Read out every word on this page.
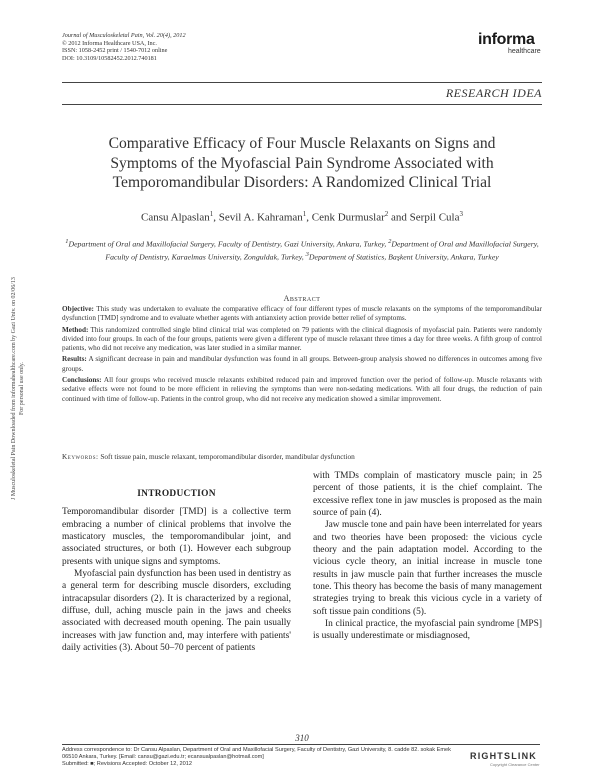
J Musculoskeletal Pain Downloaded from informahealthcare.com by Gazi Univ. on 02/06/13 For personal use only.
Journal of Musculoskeletal Pain, Vol. 20(4), 2012
© 2012 Informa Healthcare USA, Inc.
ISSN: 1058-2452 print / 1540-7012 online
DOI: 10.3109/10582452.2012.740181
informa
healthcare
RESEARCH IDEA
Comparative Efficacy of Four Muscle Relaxants on Signs and
Symptoms of the Myofascial Pain Syndrome Associated with
Temporomandibular Disorders: A Randomized Clinical Trial
Cansu Alpaslan$^1$, Sevil A. Kahraman$^1$, Cenk Durmuslar$^2$ and Serpil Cula$^3$
$^1$Department of Oral and Maxillofacial Surgery, Faculty of Dentistry, Gazi University, Ankara, Turkey, $^2$Department of Oral and Maxillofacial Surgery, Faculty of Dentistry, Karaelmas University, Zonguldak, Turkey, $^3$Department of Statistics, Başkent University, Ankara, Turkey
Abstract

Objective: This study was undertaken to evaluate the comparative efficacy of four different types of muscle relaxants on the symptoms of the temporomandibular dysfunction [TMD] syndrome and to evaluate whether agents with antianxiety action provide better relief of symptoms.

Method: This randomized controlled single blind clinical trial was completed on 79 patients with the clinical diagnosis of myofascial pain. Patients were randomly divided into four groups. In each of the four groups, patients were given a different type of muscle relaxant three times a day for three weeks. A fifth group of control patients, who did not receive any medication, was later studied in a similar manner.

Results: A significant decrease in pain and mandibular dysfunction was found in all groups. Between-group analysis showed no differences in outcomes among five groups.

Conclusions: All four groups who received muscle relaxants exhibited reduced pain and improved function over the period of follow-up. Muscle relaxants with sedative effects were not found to be more efficient in relieving the symptoms than were non-sedating medications. With all four drugs, the reduction of pain continued with time of follow-up. Patients in the control group, who did not receive any medication showed a similar improvement.

Keywords: Soft tissue pain, muscle relaxant, temporomandibular disorder, mandibular dysfunction
INTRODUCTION

Temporomandibular disorder [TMD] is a collective term embracing a number of clinical problems that involve the masticatory muscles, the temporomandibular joint, and associated structures, or both (1). However each subgroup presents with unique signs and symptoms.

Myofascial pain dysfunction has been used in dentistry as a general term for describing muscle disorders, excluding intracapsular disorders (2). It is characterized by a regional, diffuse, dull, aching muscle pain in the jaws and cheeks associated with decreased mouth opening. The pain usually increases with jaw function and, may interfere with patients' daily activities (3). About 50–70 percent of patients

with TMDs complain of masticatory muscle pain; in 25 percent of those patients, it is the chief complaint. The excessive reflex tone in jaw muscles is proposed as the main source of pain (4).

Jaw muscle tone and pain have been interrelated for years and two theories have been proposed: the vicious cycle theory and the pain adaptation model. According to the vicious cycle theory, an initial increase in muscle tone results in jaw muscle pain that further increases the muscle tone. This theory has become the basis of many management strategies trying to break this vicious cycle in a variety of soft tissue pain conditions (5).

In clinical practice, the myofascial pain syndrome [MPS] is usually underestimate or misdiagnosed,

Address correspondence to: Dr Cansu Alpaslan, Department of Oral and Maxillofacial Surgery, Faculty of Dentistry, Gazi University, 8. cadde 82. sokak Emek 06510 Ankara, Turkey. [Email: cansu@gazi.edu.tr; ecansualpaslan@hotmail.com]

Submitted: ■; Revisions Accepted: October 12, 2012

310
RIGHTSLINK
Copyright Clearance Center
